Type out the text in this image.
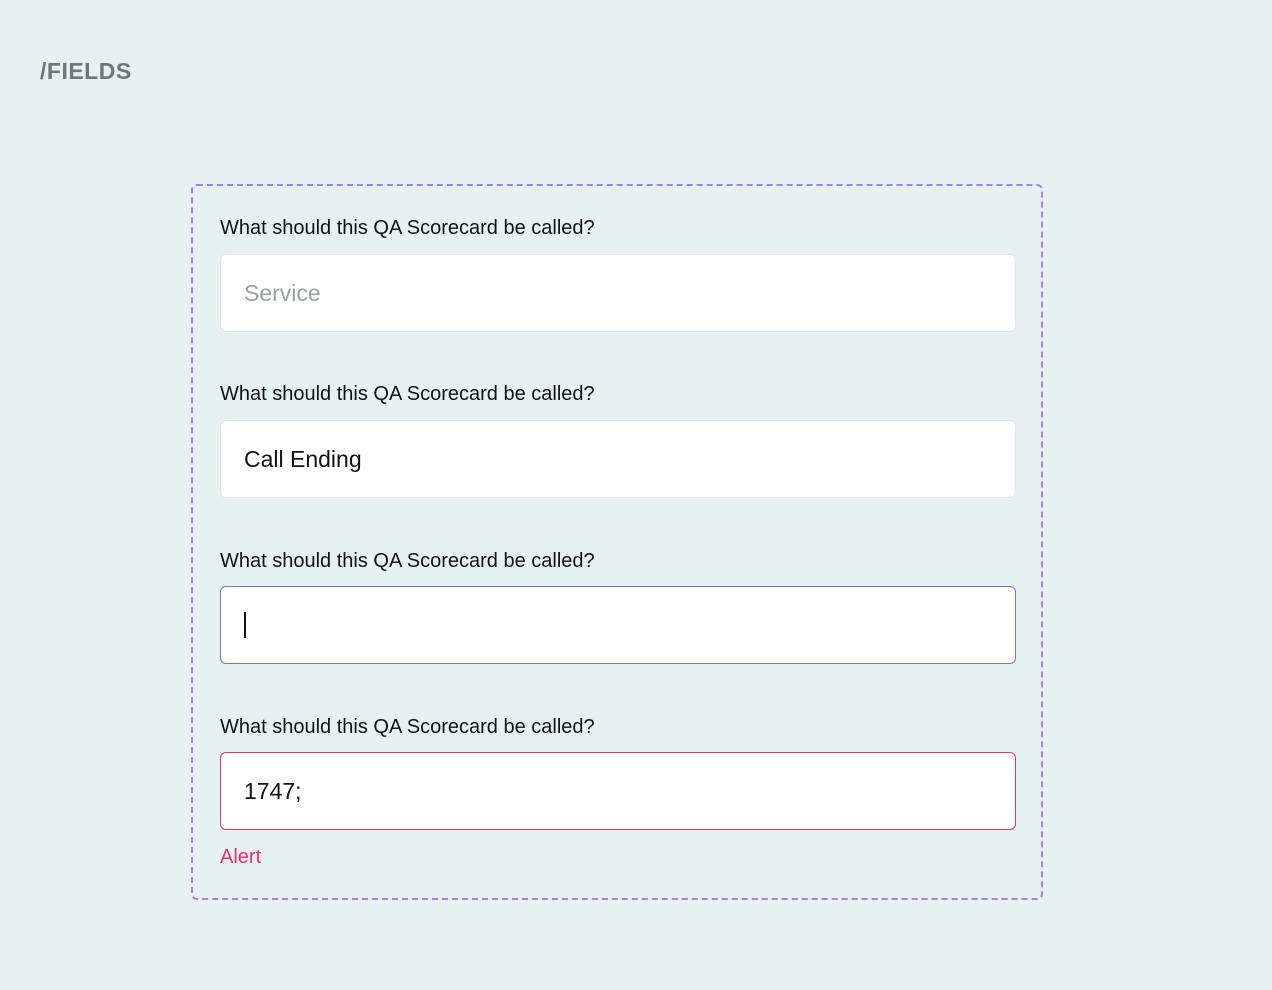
/FIELDS
What should this QA Scorecard be called?
Service
What should this QA Scorecard be called?
Call Ending
What should this QA Scorecard be called?
What should this QA Scorecard be called?
1747;
Alert
